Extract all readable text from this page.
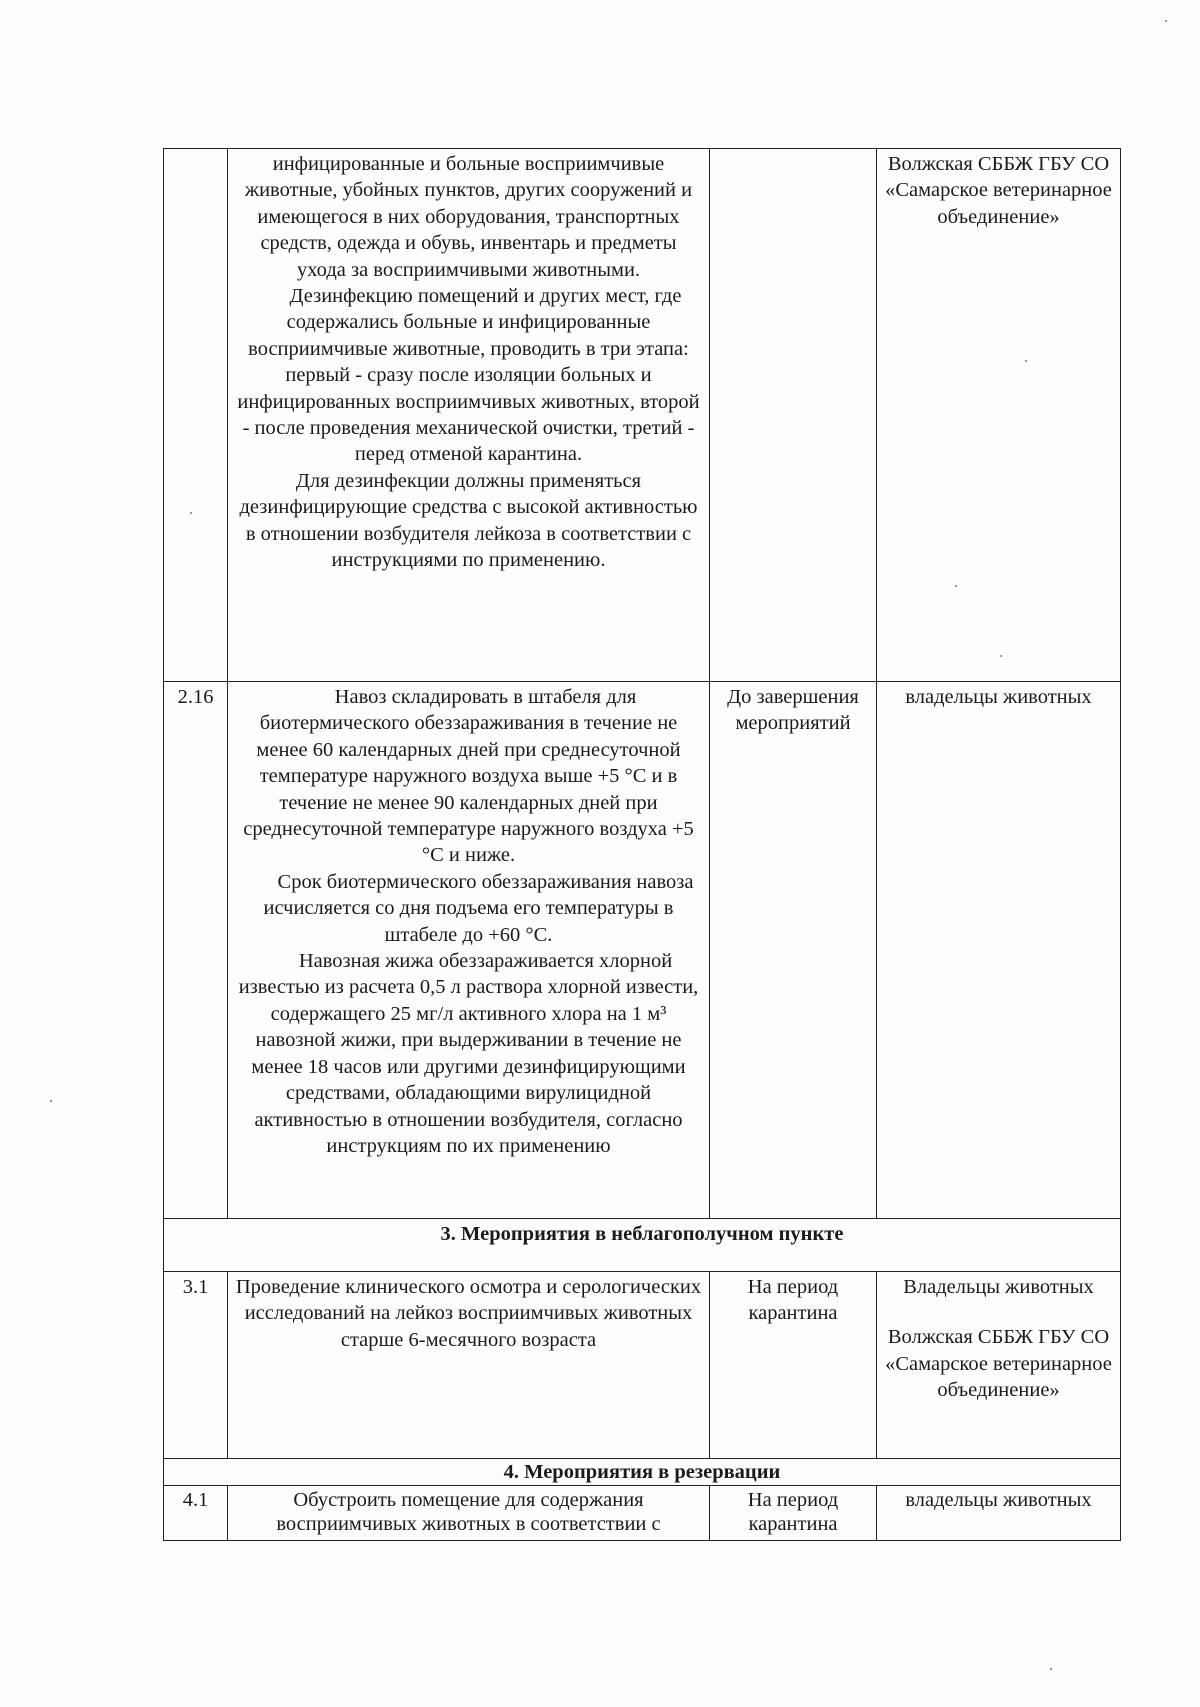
	инфицированные и больные восприимчивые животные, убойных пунктов, других сооружений и имеющегося в них оборудования, транспортных средств, одежда и обувь, инвентарь и предметы ухода за восприимчивыми животными.

Дезинфекцию помещений и других мест, где содержались больные и инфицированные восприимчивые животные, проводить в три этапа: первый - сразу после изоляции больных и инфицированных восприимчивых животных, второй - после проведения механической очистки, третий - перед отменой карантина.

Для дезинфекции должны применяться дезинфицирующие средства с высокой активностью в отношении возбудителя лейкоза в соответствии с инструкциями по применению.		Волжская СББЖ ГБУ СО «Самарское ветеринарное объединение»
2.16	Навоз складировать в штабеля для биотермического обеззараживания в течение не менее 60 календарных дней при среднесуточной температуре наружного воздуха выше +5 °С и в течение не менее 90 календарных дней при среднесуточной температуре наружного воздуха +5 °С и ниже.

Срок биотермического обеззараживания навоза исчисляется со дня подъема его температуры в штабеле до +60 °С.

Навозная жижа обеззараживается хлорной известью из расчета 0,5 л раствора хлорной извести, содержащего 25 мг/л активного хлора на 1 м³ навозной жижи, при выдерживании в течение не менее 18 часов или другими дезинфицирующими средствами, обладающими вирулицидной активностью в отношении возбудителя, согласно инструкциям по их применению	До завершения мероприятий	владельцы животных
3. Мероприятия в неблагополучном пункте			
3.1	Проведение клинического осмотра и серологических исследований на лейкоз восприимчивых животных старше 6-месячного возраста	На период карантина	Владельцы животных
Волжская СББЖ ГБУ СО «Самарское ветеринарное объединение»
4. Мероприятия в резервации			
4.1	Обустроить помещение для содержания восприимчивых животных в соответствии с	На период карантина	владельцы животных
